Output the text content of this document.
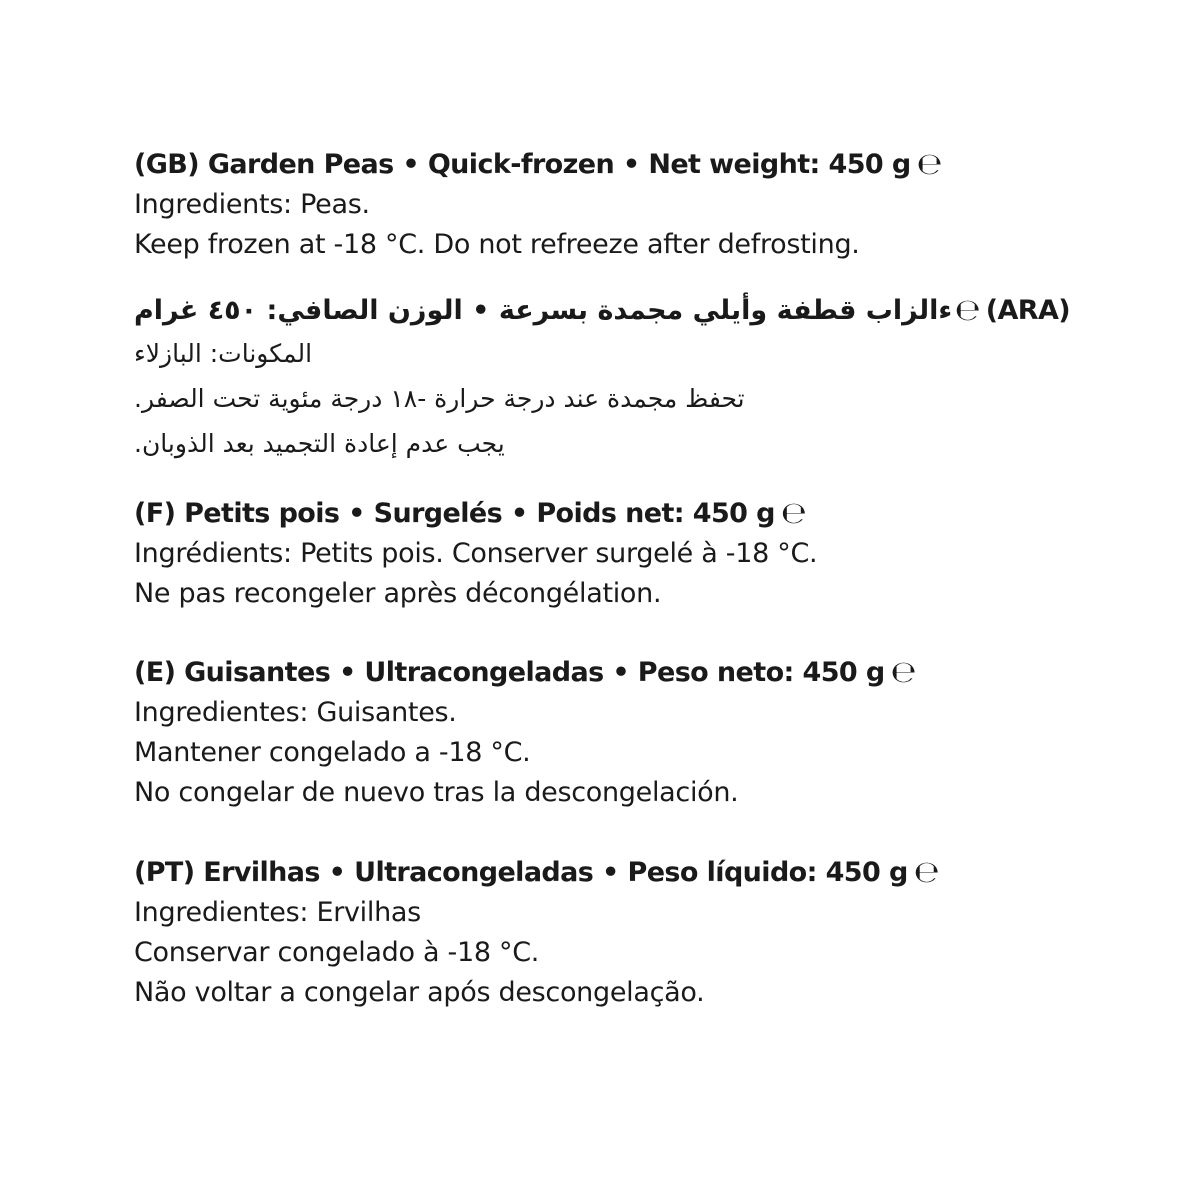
(GB) Garden Peas • Quick-frozen • Net weight: 450 g ℮
Ingredients: Peas.
Keep frozen at -18 °C. Do not refreeze after defrosting.
ءالزاب قطفة وأيلي مجمدة بسرعة • الوزن الصافي: ٤٥٠ غرام ℮ (ARA)
المكونات: البازلاء
تحفظ مجمدة عند درجة حرارة -١٨ درجة مئوية تحت الصفر.
يجب عدم إعادة التجميد بعد الذوبان.
(F) Petits pois • Surgelés • Poids net: 450 g ℮
Ingrédients: Petits pois. Conserver surgelé à -18 °C.
Ne pas recongeler après décongélation.
(E) Guisantes • Ultracongeladas • Peso neto: 450 g ℮
Ingredientes: Guisantes.
Mantener congelado a -18 °C.
No congelar de nuevo tras la descongelación.
(PT) Ervilhas • Ultracongeladas • Peso líquido: 450 g ℮
Ingredientes: Ervilhas
Conservar congelado à -18 °C.
Não voltar a congelar após descongelação.
